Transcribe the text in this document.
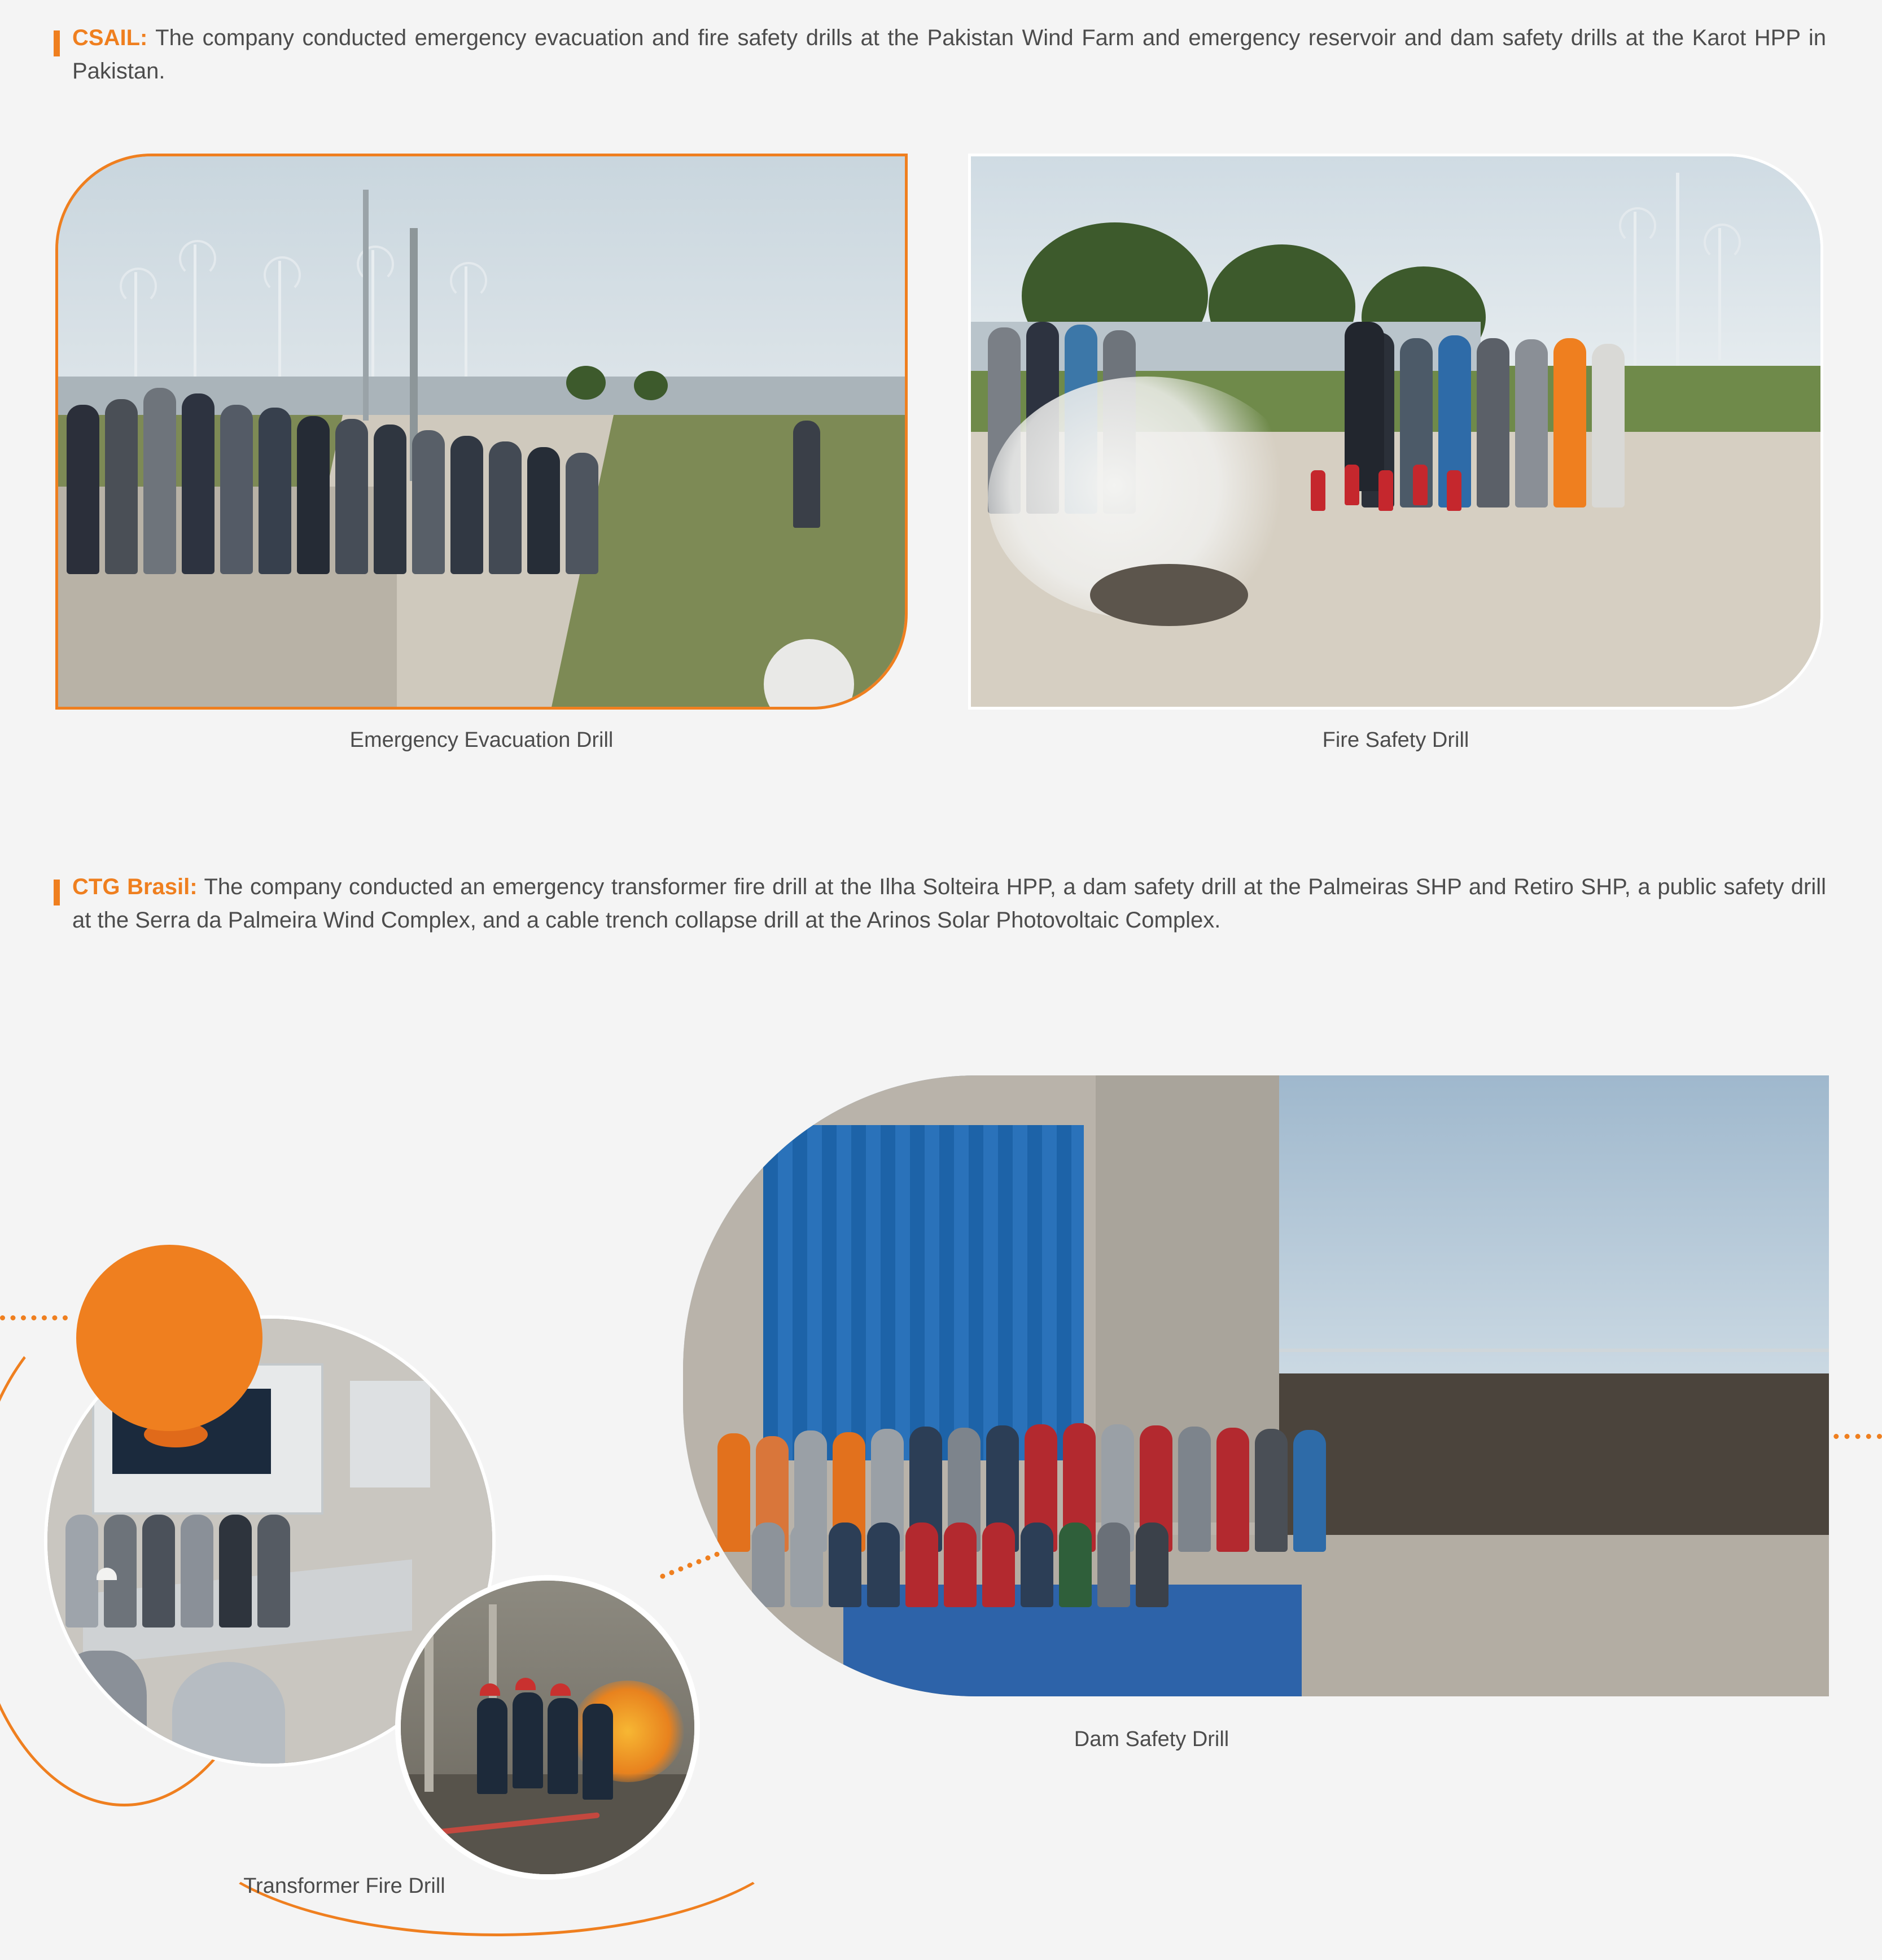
CSAIL: The company conducted emergency evacuation and fire safety drills at the Pakistan Wind Farm and emergency reservoir and dam safety drills at the Karot HPP in Pakistan.
Emergency Evacuation Drill	Fire Safety Drill
CTG Brasil: The company conducted an emergency transformer fire drill at the Ilha Solteira HPP, a dam safety drill at the Palmeiras SHP and Retiro SHP, a public safety drill at the Serra da Palmeira Wind Complex, and a cable trench collapse drill at the Arinos Solar Photovoltaic Complex.
Dam Safety Drill
Transformer Fire Drill
